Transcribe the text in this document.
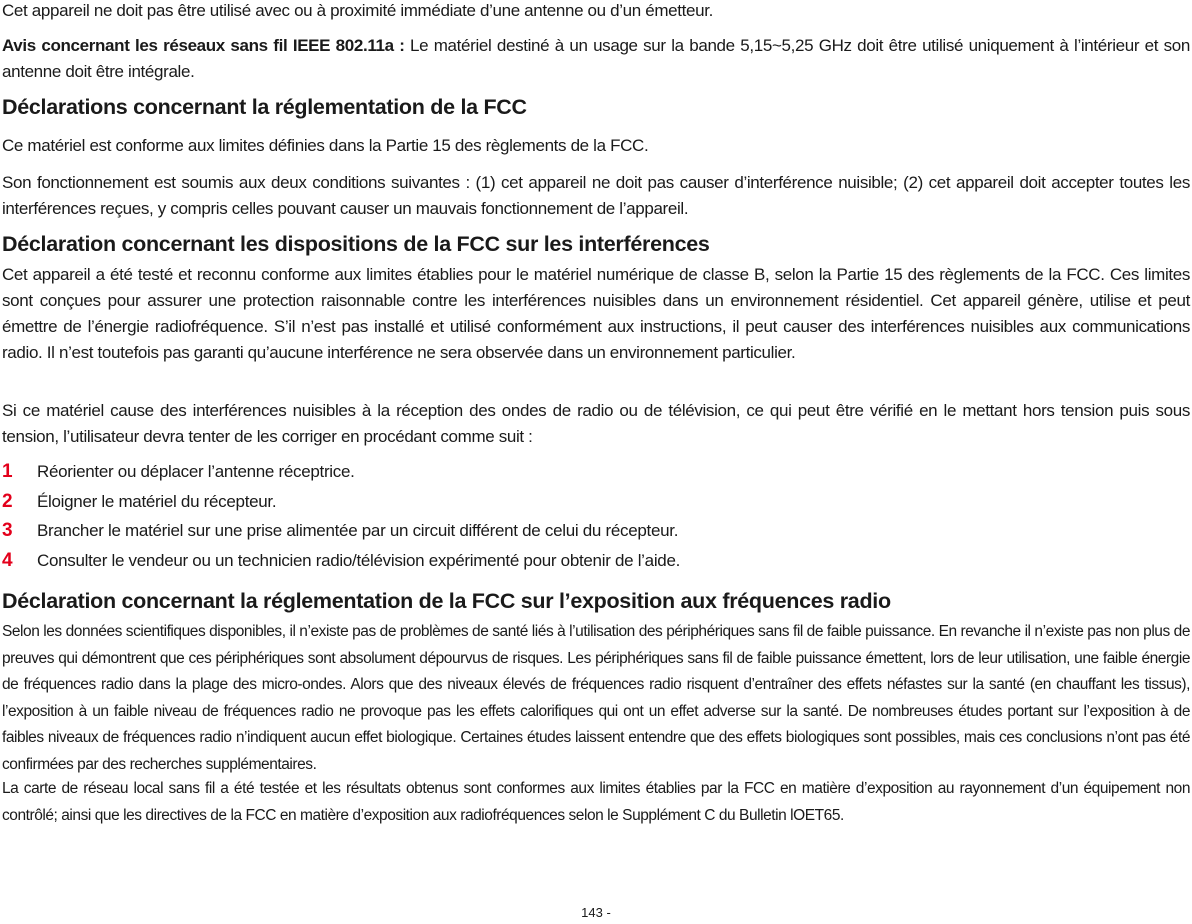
Cet appareil ne doit pas être utilisé avec ou à proximité immédiate d’une antenne ou d’un émetteur.

Avis concernant les réseaux sans fil IEEE 802.11a : Le matériel destiné à un usage sur la bande 5,15~5,25 GHz doit être utilisé uniquement à l’intérieur et son antenne doit être intégrale.

Déclarations concernant la réglementation de la FCC

Ce matériel est conforme aux limites définies dans la Partie 15 des règlements de la FCC.

Son fonctionnement est soumis aux deux conditions suivantes : (1) cet appareil ne doit pas causer d’interférence nuisible; (2) cet appareil doit accepter toutes les interférences reçues, y compris celles pouvant causer un mauvais fonctionnement de l’appareil.

Déclaration concernant les dispositions de la FCC sur les interférences

Cet appareil a été testé et reconnu conforme aux limites établies pour le matériel numérique de classe B, selon la Partie 15 des règlements de la FCC. Ces limites sont conçues pour assurer une protection raisonnable contre les interférences nuisibles dans un environnement résidentiel. Cet appareil génère, utilise et peut émettre de l’énergie radiofréquence. S’il n’est pas installé et utilisé conformément aux instructions, il peut causer des interférences nuisibles aux communications radio. Il n’est toutefois pas garanti qu’aucune interférence ne sera observée dans un environnement particulier.

Si ce matériel cause des interférences nuisibles à la réception des ondes de radio ou de télévision, ce qui peut être vérifié en le mettant hors tension puis sous tension, l’utilisateur devra tenter de les corriger en procédant comme suit :

1	Réorienter ou déplacer l’antenne réceptrice.
2	Éloigner le matériel du récepteur.
3	Brancher le matériel sur une prise alimentée par un circuit différent de celui du récepteur.
4	Consulter le vendeur ou un technicien radio/télévision expérimenté pour obtenir de l’aide.
Déclaration concernant la réglementation de la FCC sur l’exposition aux fréquences radio

Selon les données scientifiques disponibles, il n’existe pas de problèmes de santé liés à l’utilisation des périphériques sans fil de faible puissance. En revanche il n’existe pas non plus de preuves qui démontrent que ces périphériques sont absolument dépourvus de risques. Les périphériques sans fil de faible puissance émettent, lors de leur utilisation, une faible énergie de fréquences radio dans la plage des micro-ondes. Alors que des niveaux élevés de fréquences radio risquent d’entraîner des effets néfastes sur la santé (en chauffant les tissus), l’exposition à un faible niveau de fréquences radio ne provoque pas les effets calorifiques qui ont un effet adverse sur la santé. De nombreuses études portant sur l’exposition à de faibles niveaux de fréquences radio n’indiquent aucun effet biologique. Certaines études laissent entendre que des effets biologiques sont possibles, mais ces conclusions n’ont pas été confirmées par des recherches supplémentaires.

La carte de réseau local sans fil a été testée et les résultats obtenus sont conformes aux limites établies par la FCC en matière d’exposition au rayonnement d’un équipement non contrôlé; ainsi que les directives de la FCC en matière d’exposition aux radiofréquences selon le Supplément C du Bulletin lOET65.

143 -
